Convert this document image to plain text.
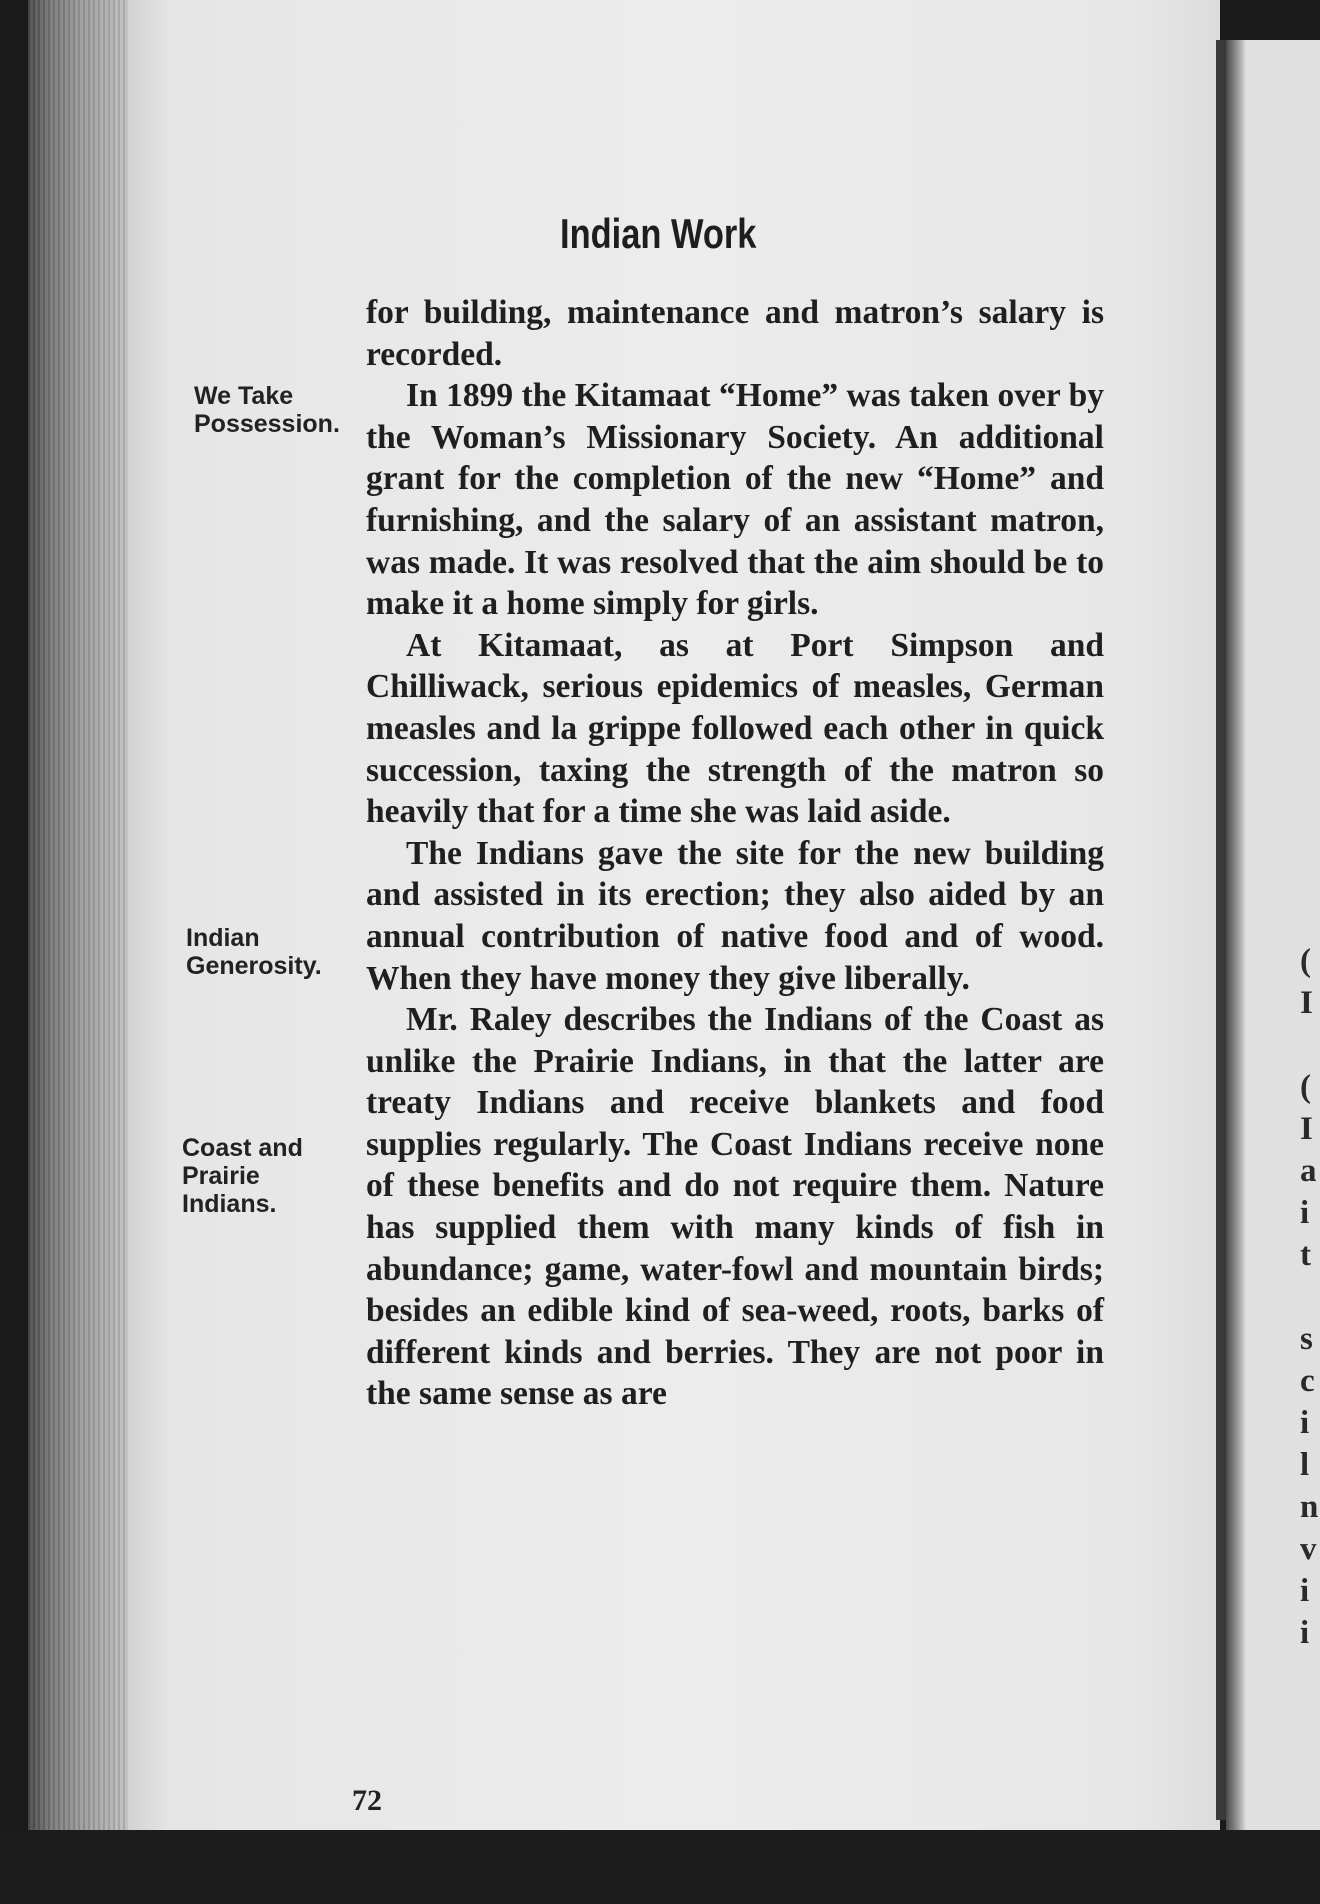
Indian Work
We Take
Possession.
Indian
Generosity.
Coast and
Prairie
Indians.

for building, maintenance and matron’s salary is recorded.

In 1899 the Kitamaat “Home” was taken over by the Woman’s Missionary Society. An additional grant for the completion of the new “Home” and furnishing, and the salary of an assistant matron, was made. It was resolved that the aim should be to make it a home simply for girls.

At Kitamaat, as at Port Simpson and Chilliwack, serious epidemics of measles, German measles and la grippe followed each other in quick succession, taxing the strength of the matron so heavily that for a time she was laid aside.

The Indians gave the site for the new building and assisted in its erection; they also aided by an annual contribution of native food and of wood. When they have money they give liberally.

Mr. Raley describes the Indians of the Coast as unlike the Prairie Indians, in that the latter are treaty Indians and receive blankets and food supplies regularly. The Coast Indians receive none of these benefits and do not require them. Nature has supplied them with many kinds of fish in abundance; game, water-fowl and mountain birds; besides an edible kind of sea-weed, roots, barks of different kinds and berries. They are not poor in the same sense as are

72
(
I

(
I
a
i
t

s
c
i
l
n
v
i
i
